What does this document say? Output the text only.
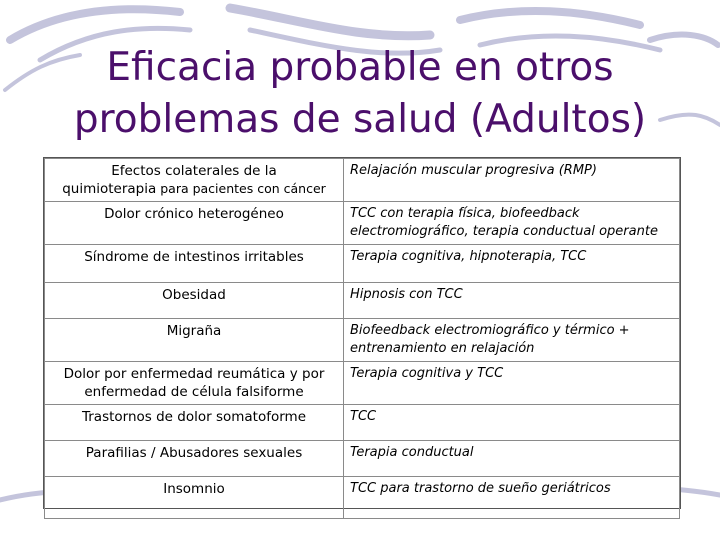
Eficacia probable en otros
problemas de salud (Adultos)
Efectos colaterales de la
quimioterapia para pacientes con cáncer	Relajación muscular progresiva (RMP)
Dolor crónico heterogéneo	TCC con terapia física, biofeedback electromiográfico, terapia conductual operante
Síndrome de intestinos irritables	Terapia cognitiva, hipnoterapia, TCC
Obesidad	Hipnosis con TCC
Migraña	Biofeedback electromiográfico y térmico + entrenamiento en relajación
Dolor por enfermedad reumática y por enfermedad de célula falsiforme	Terapia cognitiva y TCC
Trastornos de dolor somatoforme	TCC
Parafilias / Abusadores sexuales	Terapia conductual
Insomnio	TCC para trastorno de sueño geriátricos
